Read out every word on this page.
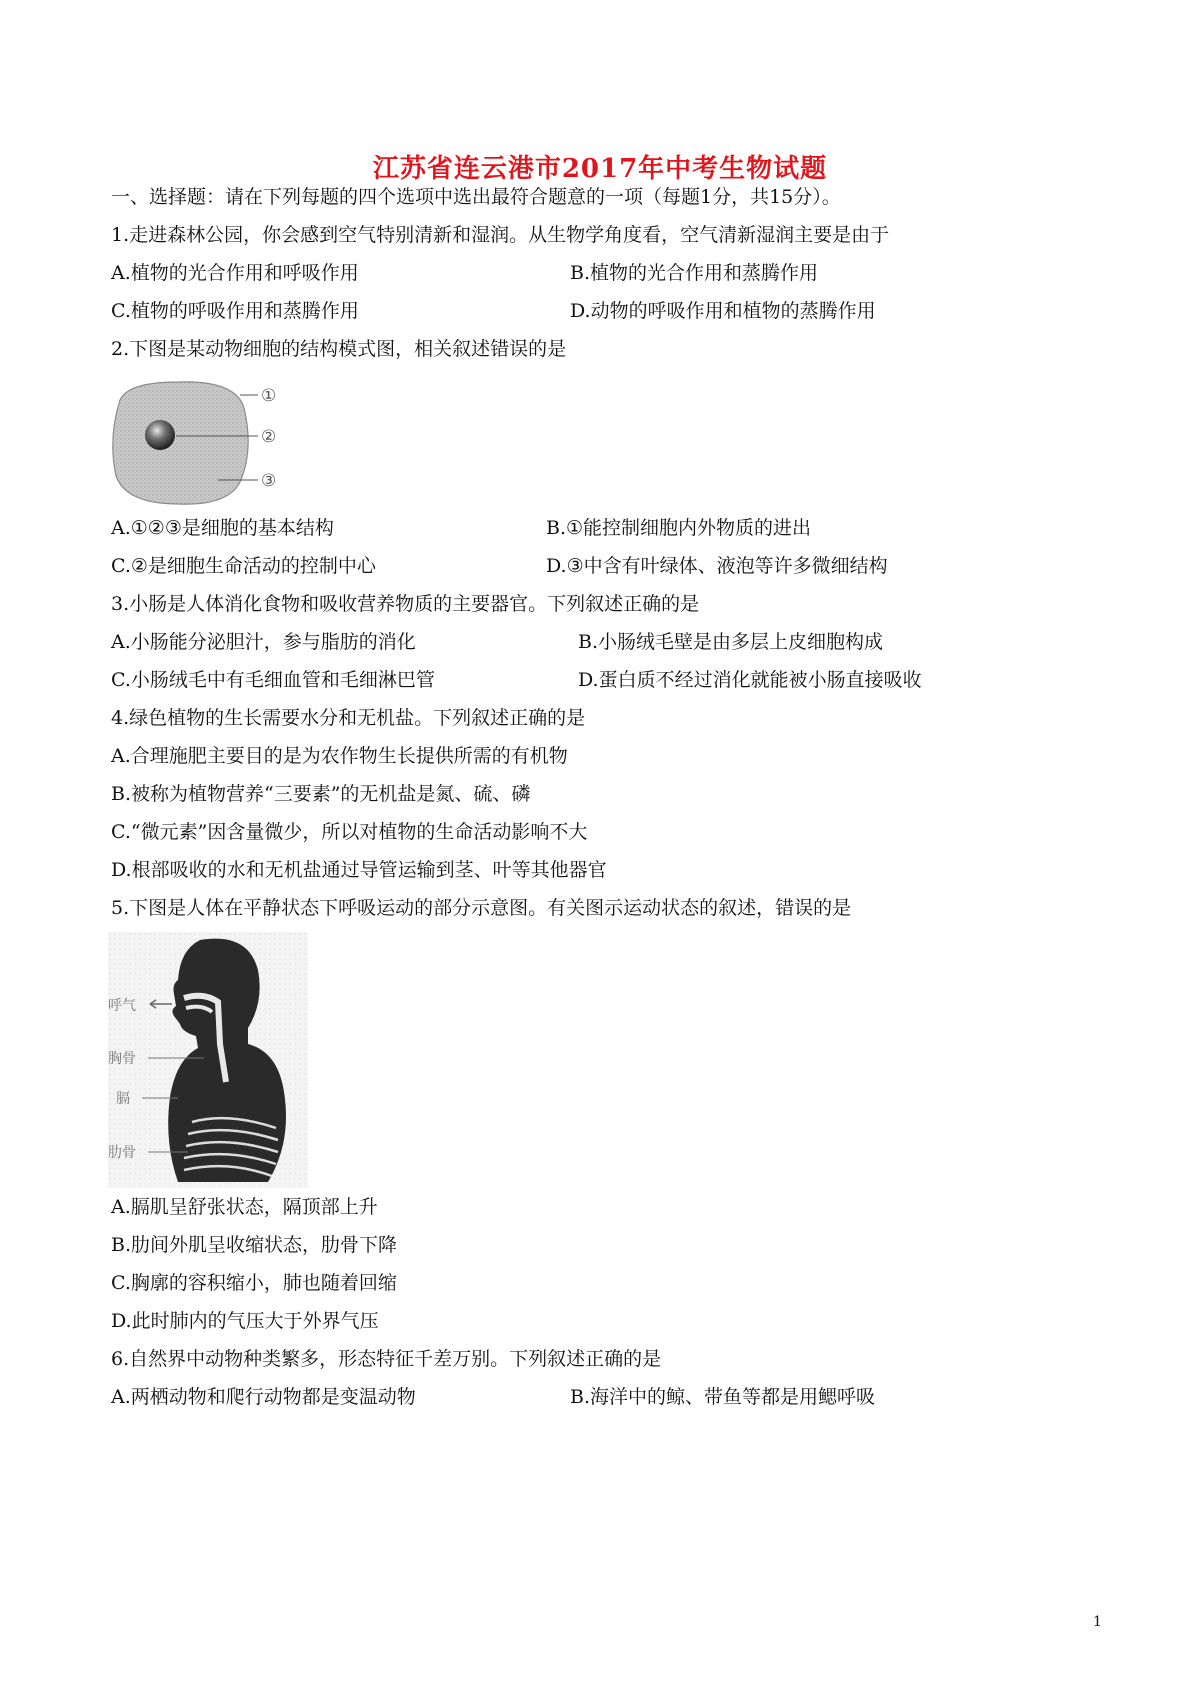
江苏省连云港市2017年中考生物试题
一、选择题：请在下列每题的四个选项中选出最符合题意的一项（每题1分，共15分）。
1.走进森林公园，你会感到空气特别清新和湿润。从生物学角度看，空气清新湿润主要是由于
A.植物的光合作用和呼吸作用	B.植物的光合作用和蒸腾作用
C.植物的呼吸作用和蒸腾作用	D.动物的呼吸作用和植物的蒸腾作用
2.下图是某动物细胞的结构模式图，相关叙述错误的是
①
②
③
A.①②③是细胞的基本结构	B.①能控制细胞内外物质的进出
C.②是细胞生命活动的控制中心	D.③中含有叶绿体、液泡等许多微细结构
3.小肠是人体消化食物和吸收营养物质的主要器官。下列叙述正确的是
A.小肠能分泌胆汁，参与脂肪的消化	B.小肠绒毛壁是由多层上皮细胞构成
C.小肠绒毛中有毛细血管和毛细淋巴管	D.蛋白质不经过消化就能被小肠直接吸收
4.绿色植物的生长需要水分和无机盐。下列叙述正确的是
A.合理施肥主要目的是为农作物生长提供所需的有机物
B.被称为植物营养“三要素”的无机盐是氮、硫、磷
C.“微元素”因含量微少，所以对植物的生命活动影响不大
D.根部吸收的水和无机盐通过导管运输到茎、叶等其他器官
5.下图是人体在平静状态下呼吸运动的部分示意图。有关图示运动状态的叙述，错误的是
呼气
胸骨
膈
肋骨
A.膈肌呈舒张状态，隔顶部上升
B.肋间外肌呈收缩状态，肋骨下降
C.胸廓的容积缩小，肺也随着回缩
D.此时肺内的气压大于外界气压
6.自然界中动物种类繁多，形态特征千差万别。下列叙述正确的是
A.两栖动物和爬行动物都是变温动物	B.海洋中的鲸、带鱼等都是用鳃呼吸
1
